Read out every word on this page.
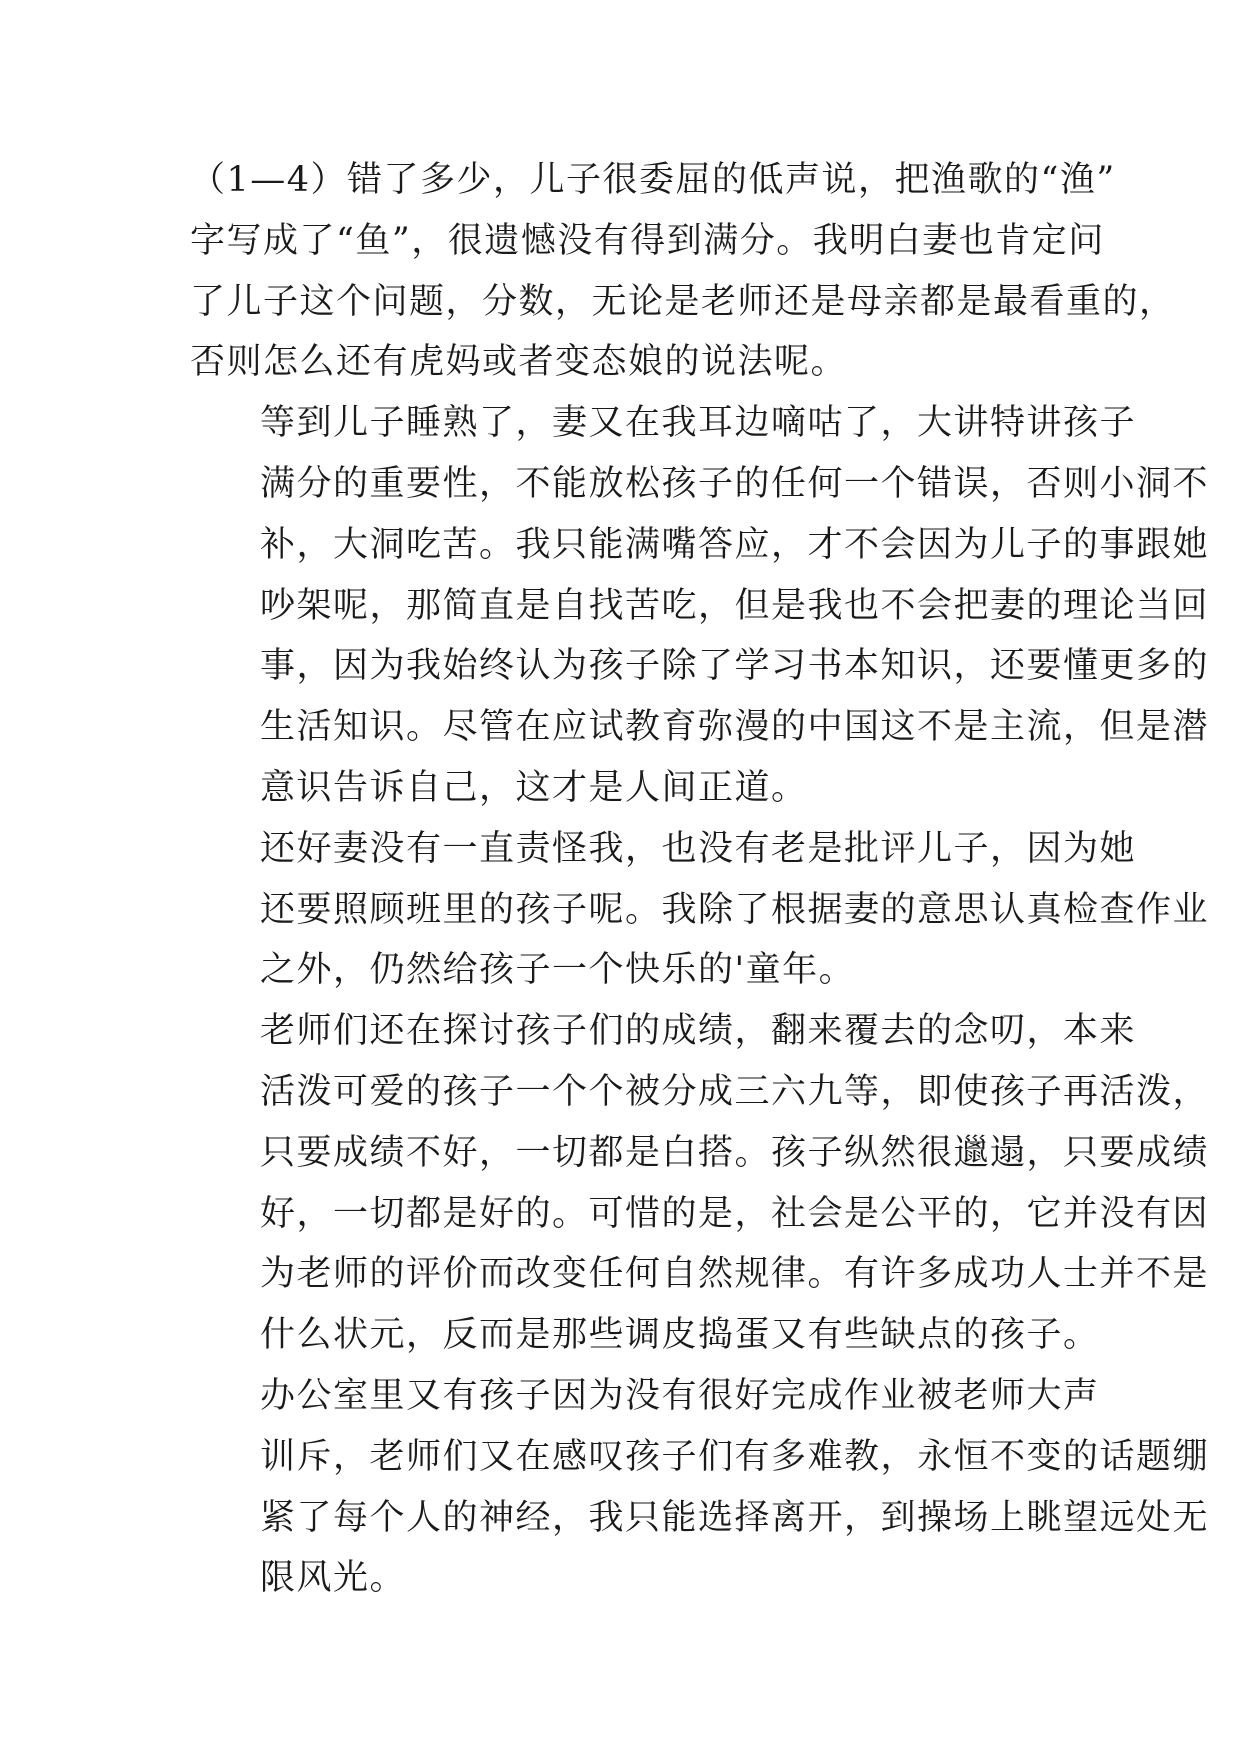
（1—4）错了多少，儿子很委屈的低声说，把渔歌的“渔”
字写成了“鱼”，很遗憾没有得到满分。我明白妻也肯定问
了儿子这个问题，分数，无论是老师还是母亲都是最看重的，
否则怎么还有虎妈或者变态娘的说法呢。

等到儿子睡熟了，妻又在我耳边嘀咕了，大讲特讲孩子
满分的重要性，不能放松孩子的任何一个错误，否则小洞不
补，大洞吃苦。我只能满嘴答应，才不会因为儿子的事跟她
吵架呢，那简直是自找苦吃，但是我也不会把妻的理论当回
事，因为我始终认为孩子除了学习书本知识，还要懂更多的
生活知识。尽管在应试教育弥漫的中国这不是主流，但是潜
意识告诉自己，这才是人间正道。

还好妻没有一直责怪我，也没有老是批评儿子，因为她
还要照顾班里的孩子呢。我除了根据妻的意思认真检查作业
之外，仍然给孩子一个快乐的'童年。

老师们还在探讨孩子们的成绩，翻来覆去的念叨，本来
活泼可爱的孩子一个个被分成三六九等，即使孩子再活泼，
只要成绩不好，一切都是白搭。孩子纵然很邋遢，只要成绩
好，一切都是好的。可惜的是，社会是公平的，它并没有因
为老师的评价而改变任何自然规律。有许多成功人士并不是
什么状元，反而是那些调皮捣蛋又有些缺点的孩子。

办公室里又有孩子因为没有很好完成作业被老师大声
训斥，老师们又在感叹孩子们有多难教，永恒不变的话题绷
紧了每个人的神经，我只能选择离开，到操场上眺望远处无
限风光。
